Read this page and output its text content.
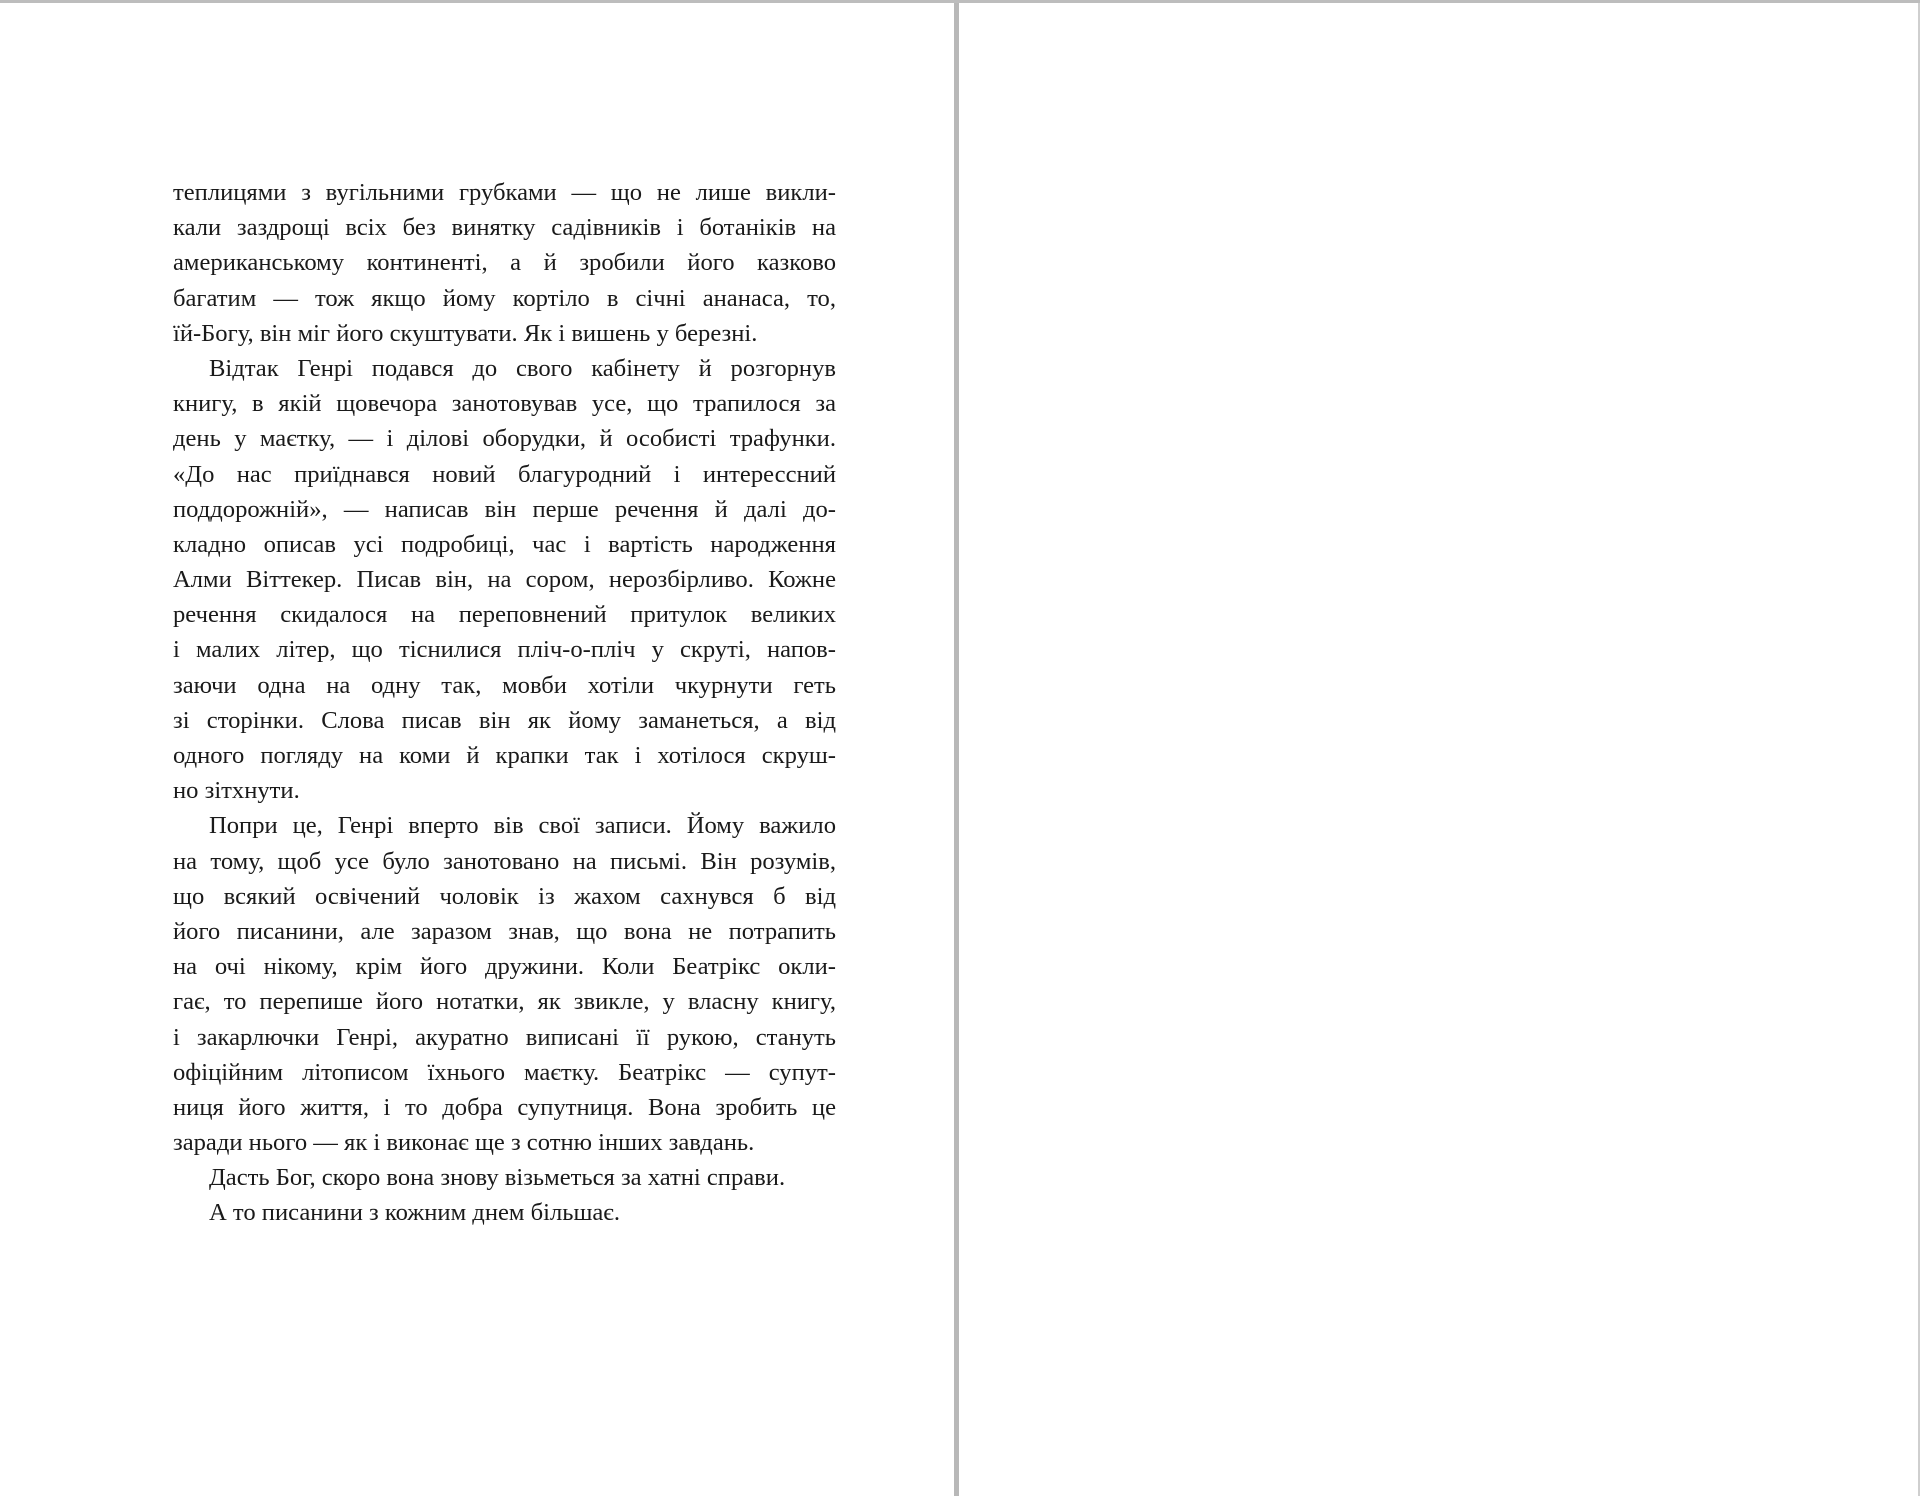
теплицями з вугільними грубками — що не лише викли-
кали заздрощі всіх без винятку садівників і ботаніків на
американському континенті, а й зробили його казково
багатим — тож якщо йому кортіло в січні ананаса, то,
їй-Богу, він міг його скуштувати. Як і вишень у березні.
Відтак Генрі подався до свого кабінету й розгорнув
книгу, в якій щовечора занотовував усе, що трапилося за
день у маєтку, — і ділові оборудки, й особисті трафунки.
«До нас приїднався новий благуродний і интерессний
поддорожній», — написав він перше речення й далі до-
кладно описав усі подробиці, час і вартість народження
Алми Віттекер. Писав він, на сором, нерозбірливо. Кожне
речення скидалося на переповнений притулок великих
і малих літер, що тіснилися пліч-о-пліч у скруті, напов-
заючи одна на одну так, мовби хотіли чкурнути геть
зі сторінки. Слова писав він як йому заманеться, а від
одного погляду на коми й крапки так і хотілося скруш-
но зітхнути.
Попри це, Генрі вперто вів свої записи. Йому важило
на тому, щоб усе було занотовано на письмі. Він розумів,
що всякий освічений чоловік із жахом сахнувся б від
його писанини, але заразом знав, що вона не потрапить
на очі нікому, крім його дружини. Коли Беатрікс окли-
гає, то перепише його нотатки, як звикле, у власну книгу,
і закарлючки Генрі, акуратно виписані її рукою, стануть
офіційним літописом їхнього маєтку. Беатрікс — супут-
ниця його життя, і то добра супутниця. Вона зробить це
заради нього — як і виконає ще з сотню інших завдань.
Дасть Бог, скоро вона знову візьметься за хатні справи.
А то писанини з кожним днем більшає.
